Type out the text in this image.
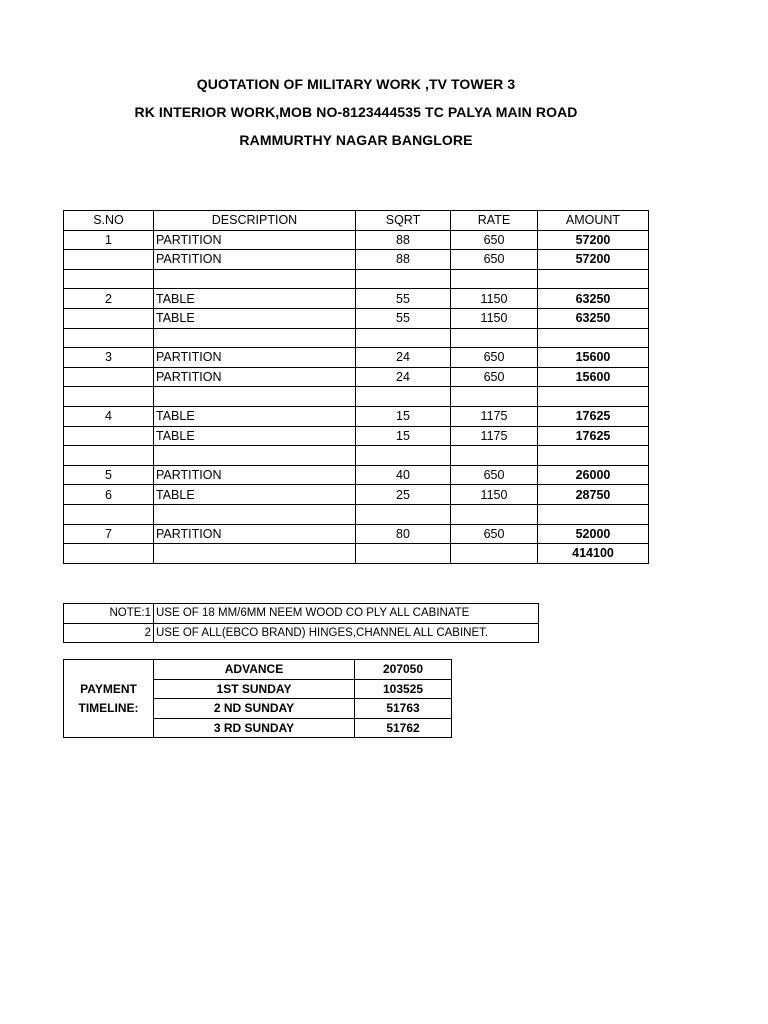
QUOTATION OF MILITARY WORK ,TV TOWER 3
RK INTERIOR WORK,MOB NO-8123444535 TC PALYA MAIN ROAD
RAMMURTHY NAGAR BANGLORE
S.NO	DESCRIPTION	SQRT	RATE	AMOUNT
1	PARTITION	88	650	57200
	PARTITION	88	650	57200

2	TABLE	55	1150	63250
	TABLE	55	1150	63250

3	PARTITION	24	650	15600
	PARTITION	24	650	15600

4	TABLE	15	1175	17625
	TABLE	15	1175	17625

5	PARTITION	40	650	26000
6	TABLE	25	1150	28750

7	PARTITION	80	650	52000
				414100
NOTE:1	USE OF 18 MM/6MM NEEM WOOD CO PLY ALL CABINATE
2	USE OF ALL(EBCO BRAND) HINGES,CHANNEL ALL CABINET.
PAYMENT TIMELINE:	ADVANCE	207050
	1ST SUNDAY	103525
	2 ND SUNDAY	51763
	3 RD SUNDAY	51762
